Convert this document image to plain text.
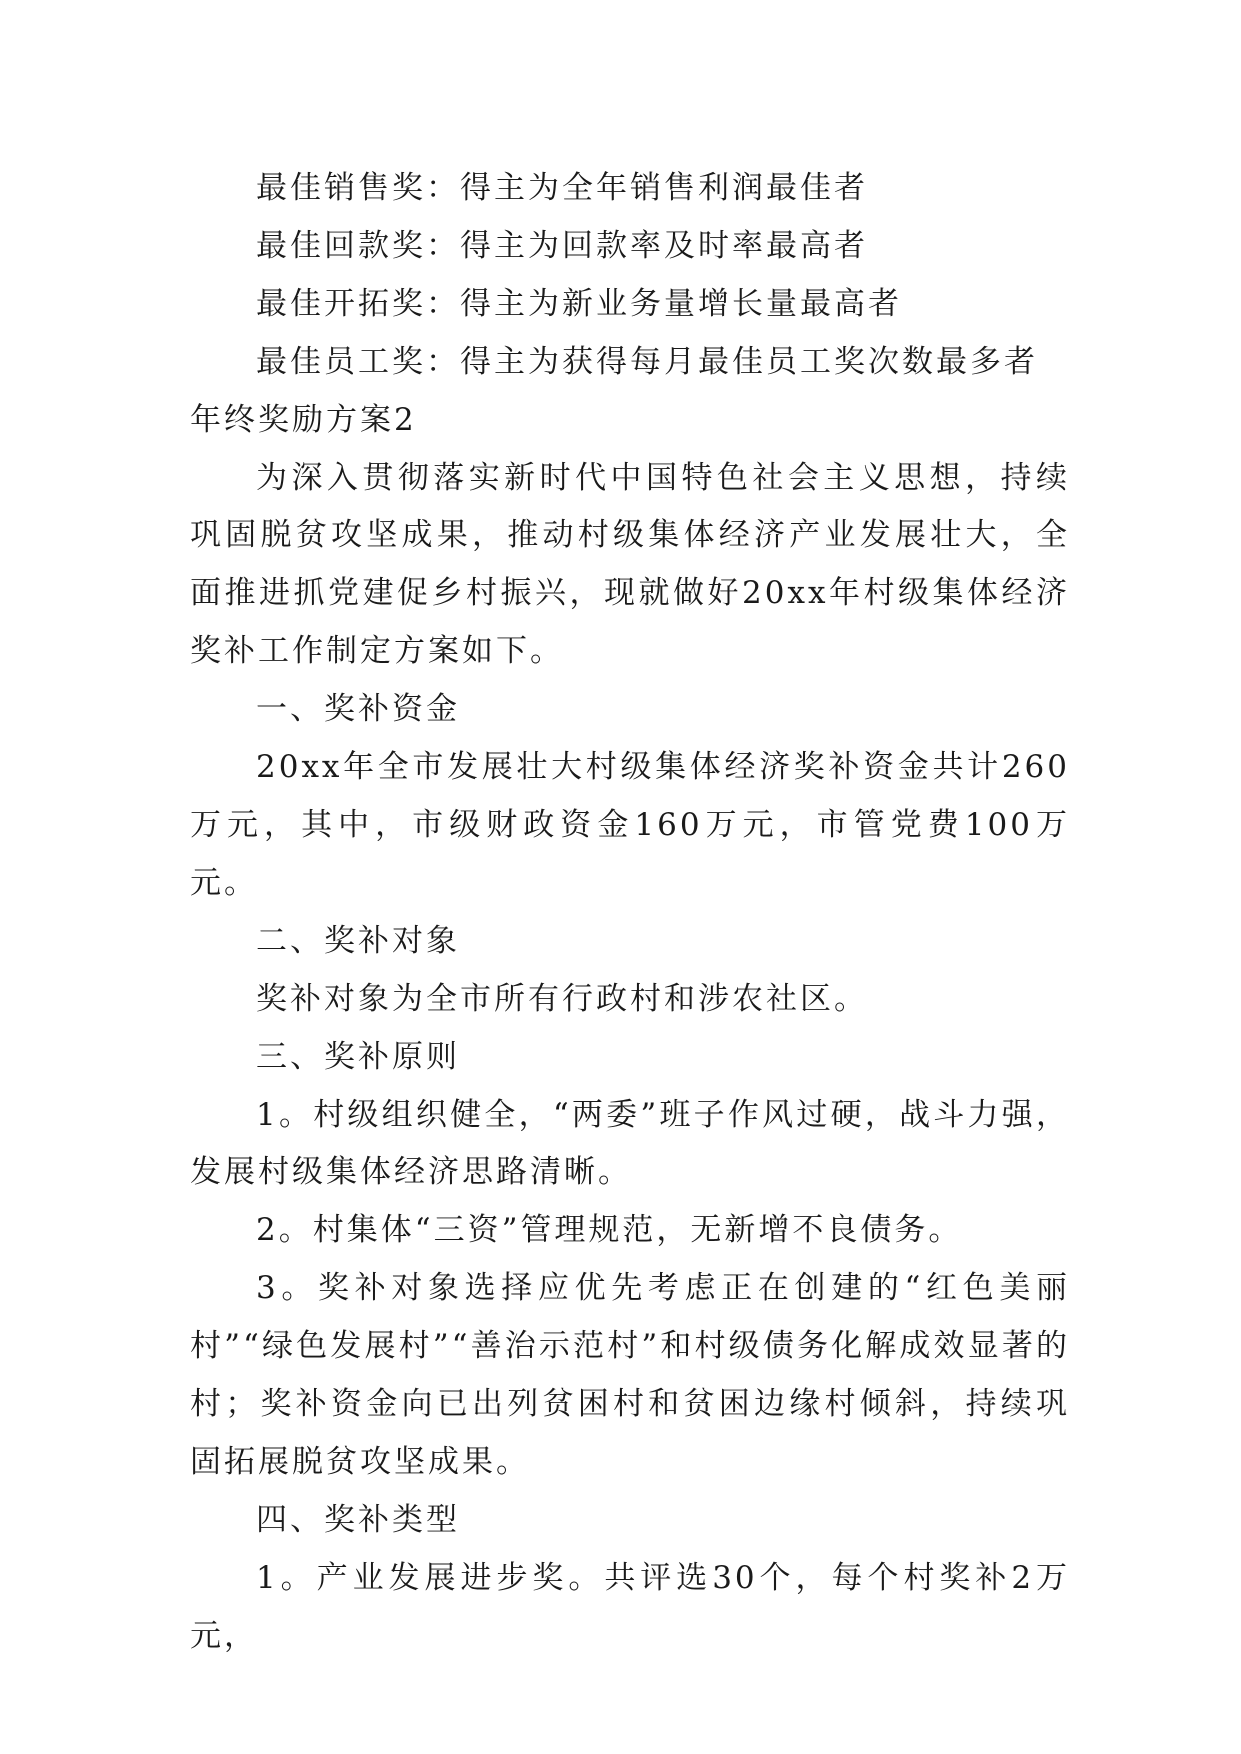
最佳销售奖：得主为全年销售利润最佳者

最佳回款奖：得主为回款率及时率最高者

最佳开拓奖：得主为新业务量增长量最高者

最佳员工奖：得主为获得每月最佳员工奖次数最多者

年终奖励方案2

为深入贯彻落实新时代中国特色社会主义思想，持续巩固脱贫攻坚成果，推动村级集体经济产业发展壮大，全面推进抓党建促乡村振兴，现就做好20xx年村级集体经济奖补工作制定方案如下。

一、奖补资金

20xx年全市发展壮大村级集体经济奖补资金共计260万元，其中，市级财政资金160万元，市管党费100万元。

二、奖补对象

奖补对象为全市所有行政村和涉农社区。

三、奖补原则

1。村级组织健全，“两委”班子作风过硬，战斗力强，发展村级集体经济思路清晰。

2。村集体“三资”管理规范，无新增不良债务。

3。奖补对象选择应优先考虑正在创建的“红色美丽村”“绿色发展村”“善治示范村”和村级债务化解成效显著的村；奖补资金向已出列贫困村和贫困边缘村倾斜，持续巩固拓展脱贫攻坚成果。

四、奖补类型

1。产业发展进步奖。共评选30个，每个村奖补2万元，
